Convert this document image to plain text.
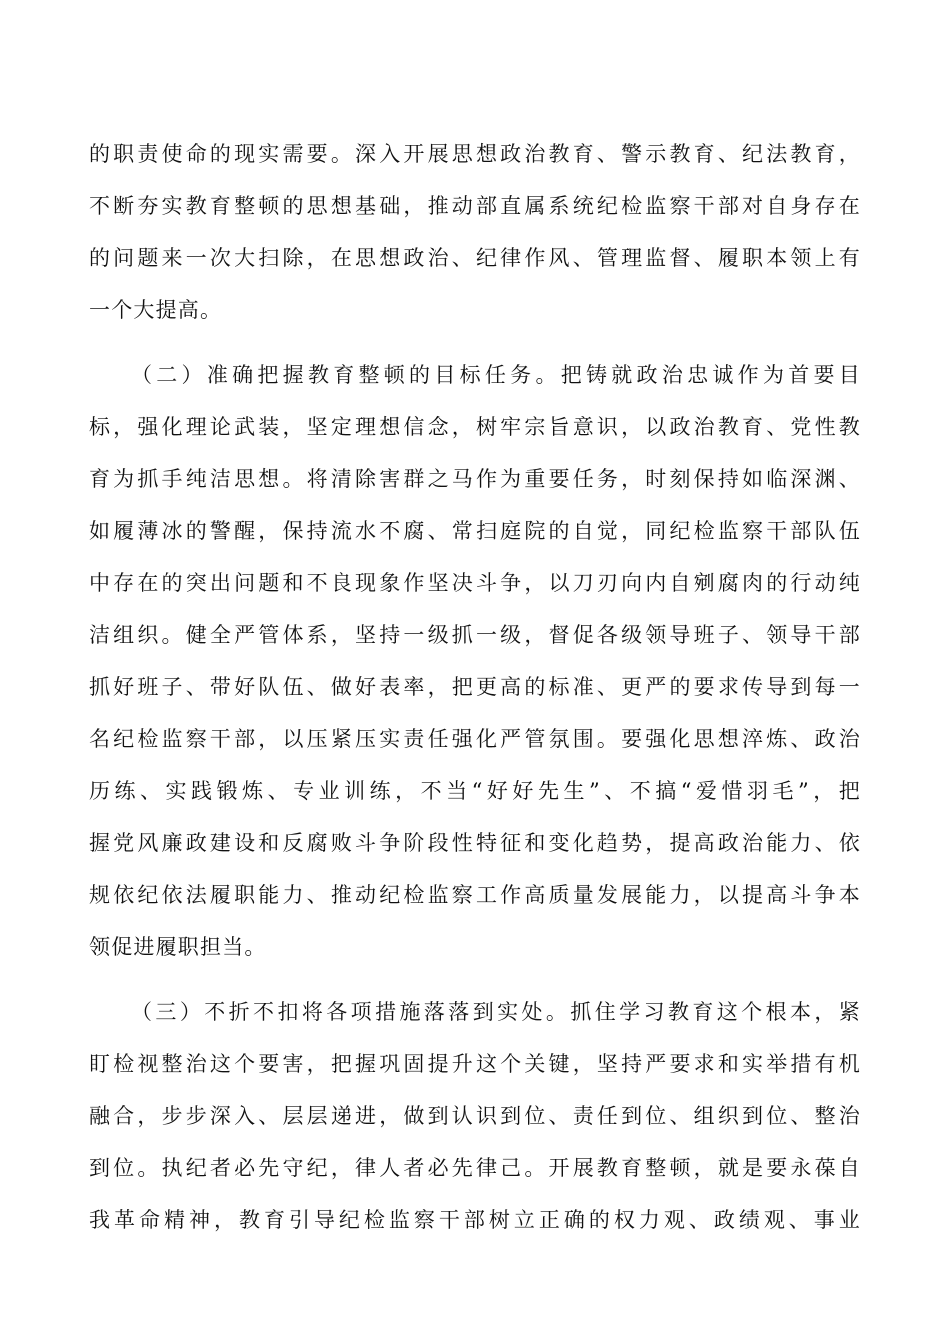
的职责使命的现实需要。深入开展思想政治教育、警示教育、纪法教育，
不断夯实教育整顿的思想基础，推动部直属系统纪检监察干部对自身存在
的问题来一次大扫除，在思想政治、纪律作风、管理监督、履职本领上有
一个大提高。
（二）准确把握教育整顿的目标任务。把铸就政治忠诚作为首要目
标，强化理论武装，坚定理想信念，树牢宗旨意识，以政治教育、党性教
育为抓手纯洁思想。将清除害群之马作为重要任务，时刻保持如临深渊、
如履薄冰的警醒，保持流水不腐、常扫庭院的自觉，同纪检监察干部队伍
中存在的突出问题和不良现象作坚决斗争，以刀刃向内自剜腐肉的行动纯
洁组织。健全严管体系，坚持一级抓一级，督促各级领导班子、领导干部
抓好班子、带好队伍、做好表率，把更高的标准、更严的要求传导到每一
名纪检监察干部，以压紧压实责任强化严管氛围。要强化思想淬炼、政治
历练、实践锻炼、专业训练，不当“好好先生”、不搞“爱惜羽毛”，把
握党风廉政建设和反腐败斗争阶段性特征和变化趋势，提高政治能力、依
规依纪依法履职能力、推动纪检监察工作高质量发展能力，以提高斗争本
领促进履职担当。
（三）不折不扣将各项措施落落到实处。抓住学习教育这个根本，紧
盯检视整治这个要害，把握巩固提升这个关键，坚持严要求和实举措有机
融合，步步深入、层层递进，做到认识到位、责任到位、组织到位、整治
到位。执纪者必先守纪，律人者必先律己。开展教育整顿，就是要永葆自
我革命精神，教育引导纪检监察干部树立正确的权力观、政绩观、事业
